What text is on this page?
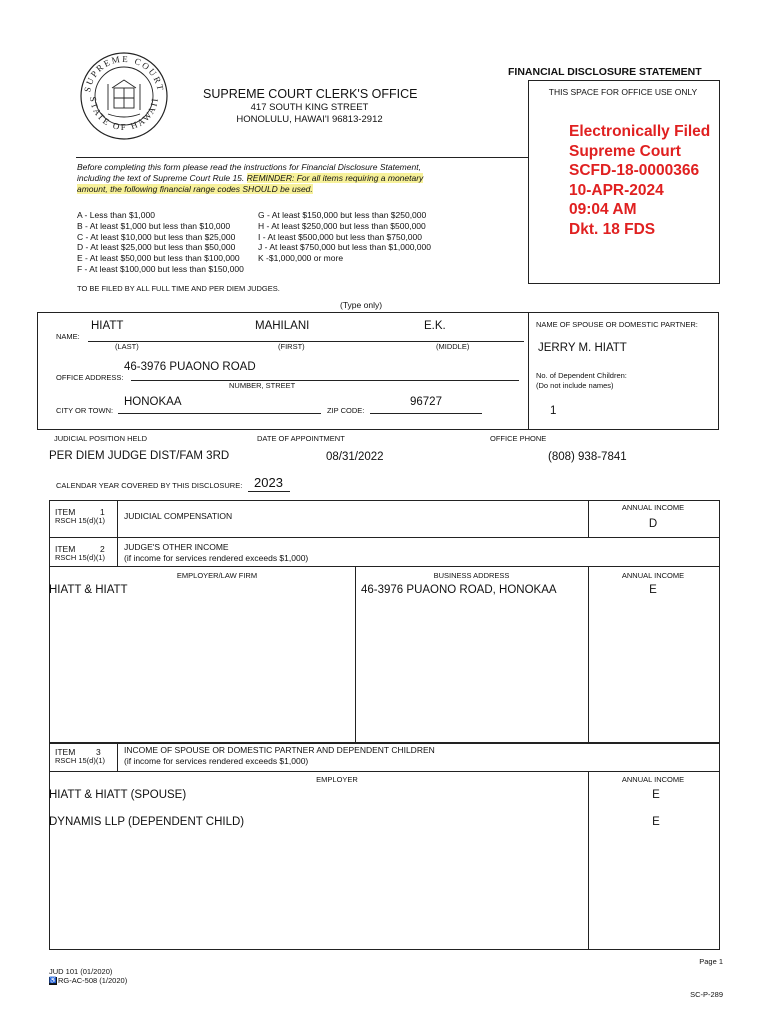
SUPREME COURT
STATE OF HAWAII
FINANCIAL DISCLOSURE STATEMENT
SUPREME COURT CLERK'S OFFICE
417 SOUTH KING STREET
HONOLULU, HAWAI'I 96813-2912
THIS SPACE FOR OFFICE USE ONLY
Electronically Filed
Supreme Court
SCFD-18-0000366
10-APR-2024
09:04 AM
Dkt. 18 FDS
Before completing this form please read the instructions for Financial Disclosure Statement,
including the text of Supreme Court Rule 15. REMINDER: For all items requiring a monetary
amount, the following financial range codes SHOULD be used.
A - Less than $1,000
B - At least $1,000 but less than $10,000
C - At least $10,000 but less than $25,000
D - At least $25,000 but less than $50,000
E - At least $50,000 but less than $100,000
F - At least $100,000 but less than $150,000
G - At least $150,000 but less than $250,000
H - At least $250,000 but less than $500,000
I - At least $500,000 but less than $750,000
J - At least $750,000 but less than $1,000,000
K -$1,000,000 or more
TO BE FILED BY ALL FULL TIME AND PER DIEM JUDGES.
(Type only)
NAME:
HIATT	MAHILANI	E.K.
(LAST)	(FIRST)	(MIDDLE)
OFFICE ADDRESS:
46-3976 PUAONO ROAD
NUMBER, STREET
CITY OR TOWN:
HONOKAA
ZIP CODE:
96727
NAME OF SPOUSE OR DOMESTIC PARTNER:
JERRY M. HIATT
No. of Dependent Children:
(Do not include names)
1
JUDICIAL POSITION HELD	DATE OF APPOINTMENT	OFFICE PHONE
PER DIEM JUDGE DIST/FAM 3RD	08/31/2022	(808) 938-7841
CALENDAR YEAR COVERED BY THIS DISCLOSURE: 2023
ITEM	1
RSCH 15(d)(1) JUDICIAL COMPENSATION
ANNUAL INCOME
D
ITEM	2
RSCH 15(d)(1)
JUDGE'S OTHER INCOME
(if income for services rendered exceeds $1,000)
EMPLOYER/LAW FIRM	BUSINESS ADDRESS	ANNUAL INCOME
HIATT & HIATT	46-3976 PUAONO ROAD, HONOKAA	E
ITEM 3
RSCH 15(d)(1)
INCOME OF SPOUSE OR DOMESTIC PARTNER AND DEPENDENT CHILDREN
(if income for services rendered exceeds $1,000)
EMPLOYER	ANNUAL INCOME
HIATT & HIATT (SPOUSE)	E
DYNAMIS LLP (DEPENDENT CHILD)	E
Page 1
JUD 101 (01/2020)
♿ RG-AC-508 (1/2020)
SC-P-289
